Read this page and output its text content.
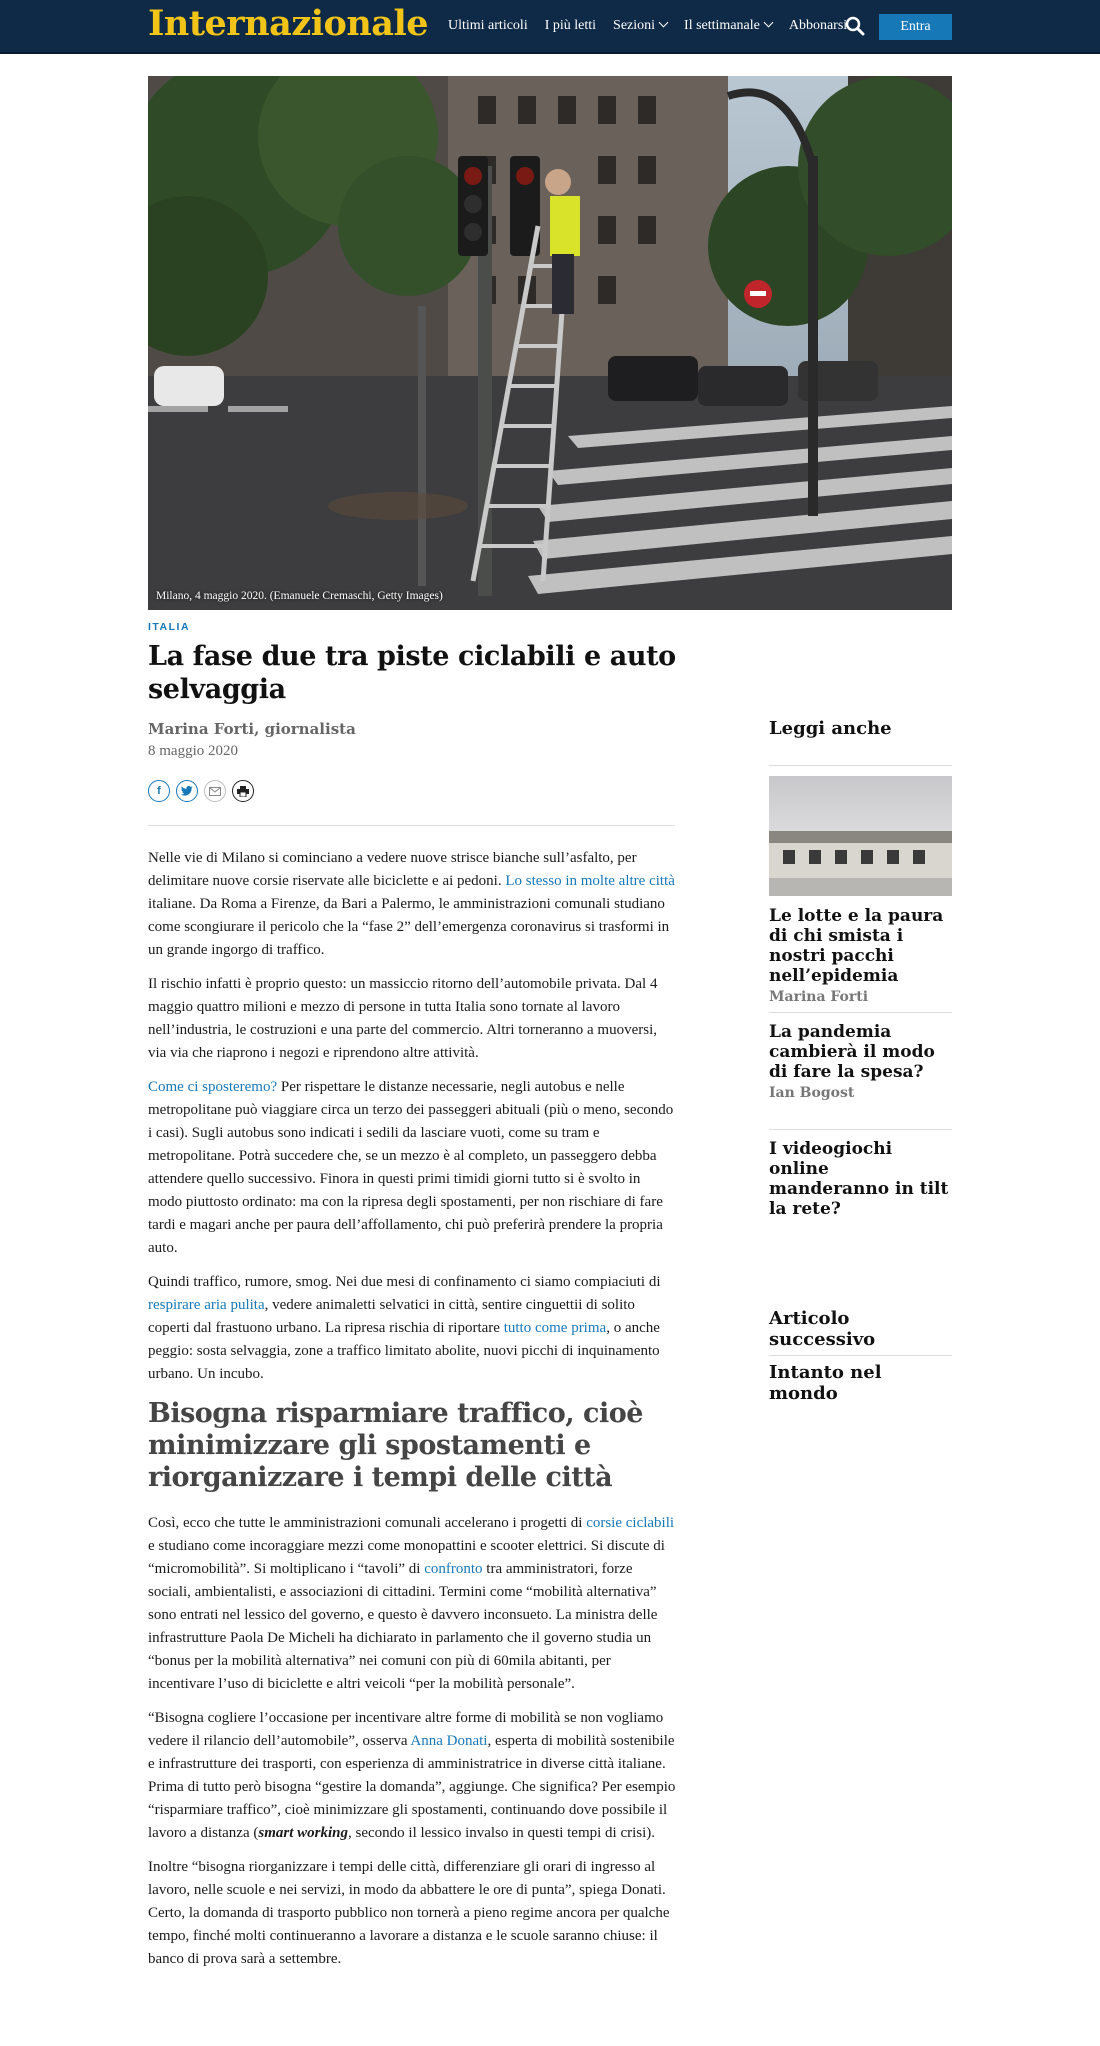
Internazionale Ultimi articoli I più letti Sezioni	Il settimanale	Abbonarsi	Entra
Milano, 4 maggio 2020. (Emanuele Cremaschi, Getty Images)
ITALIA
La fase due tra piste ciclabili e auto selvaggia
Marina Forti, giornalista
8 maggio 2020
f

Nelle vie di Milano si cominciano a vedere nuove strisce bianche sull’asfalto, per delimitare nuove corsie riservate alle biciclette e ai pedoni. Lo stesso in molte altre città italiane. Da Roma a Firenze, da Bari a Palermo, le amministrazioni comunali studiano come scongiurare il pericolo che la “fase 2” dell’emergenza coronavirus si trasformi in un grande ingorgo di traffico.

Il rischio infatti è proprio questo: un massiccio ritorno dell’automobile privata. Dal 4 maggio quattro milioni e mezzo di persone in tutta Italia sono tornate al lavoro nell’industria, le costruzioni e una parte del commercio. Altri torneranno a muoversi, via via che riaprono i negozi e riprendono altre attività.

Come ci sposteremo? Per rispettare le distanze necessarie, negli autobus e nelle metropolitane può viaggiare circa un terzo dei passeggeri abituali (più o meno, secondo i casi). Sugli autobus sono indicati i sedili da lasciare vuoti, come su tram e metropolitane. Potrà succedere che, se un mezzo è al completo, un passeggero debba attendere quello successivo. Finora in questi primi timidi giorni tutto si è svolto in modo piuttosto ordinato: ma con la ripresa degli spostamenti, per non rischiare di fare tardi e magari anche per paura dell’affollamento, chi può preferirà prendere la propria auto.

Quindi traffico, rumore, smog. Nei due mesi di confinamento ci siamo compiaciuti di respirare aria pulita, vedere animaletti selvatici in città, sentire cinguettii di solito coperti dal frastuono urbano. La ripresa rischia di riportare tutto come prima, o anche peggio: sosta selvaggia, zone a traffico limitato abolite, nuovi picchi di inquinamento urbano. Un incubo.

Bisogna risparmiare traffico, cioè minimizzare gli spostamenti e riorganizzare i tempi delle città

Così, ecco che tutte le amministrazioni comunali accelerano i progetti di corsie ciclabili e studiano come incoraggiare mezzi come monopattini e scooter elettrici. Si discute di “micromobilità”. Si moltiplicano i “tavoli” di confronto tra amministratori, forze sociali, ambientalisti, e associazioni di cittadini. Termini come “mobilità alternativa” sono entrati nel lessico del governo, e questo è davvero inconsueto. La ministra delle infrastrutture Paola De Micheli ha dichiarato in parlamento che il governo studia un “bonus per la mobilità alternativa” nei comuni con più di 60mila abitanti, per incentivare l’uso di biciclette e altri veicoli “per la mobilità personale”.

“Bisogna cogliere l’occasione per incentivare altre forme di mobilità se non vogliamo vedere il rilancio dell’automobile”, osserva Anna Donati, esperta di mobilità sostenibile e infrastrutture dei trasporti, con esperienza di amministratrice in diverse città italiane. Prima di tutto però bisogna “gestire la domanda”, aggiunge. Che significa? Per esempio “risparmiare traffico”, cioè minimizzare gli spostamenti, continuando dove possibile il lavoro a distanza (smart working, secondo il lessico invalso in questi tempi di crisi).

Inoltre “bisogna riorganizzare i tempi delle città, differenziare gli orari di ingresso al lavoro, nelle scuole e nei servizi, in modo da abbattere le ore di punta”, spiega Donati. Certo, la domanda di trasporto pubblico non tornerà a pieno regime ancora per qualche tempo, finché molti continueranno a lavorare a distanza e le scuole saranno chiuse: il banco di prova sarà a settembre.

Leggi anche
Le lotte e la paura di chi smista i nostri pacchi nell’epidemia
Marina Forti
La pandemia cambierà il modo di fare la spesa?
Ian Bogost
I videogiochi online manderanno in tilt la rete?
Articolo successivo
Intanto nel mondo
